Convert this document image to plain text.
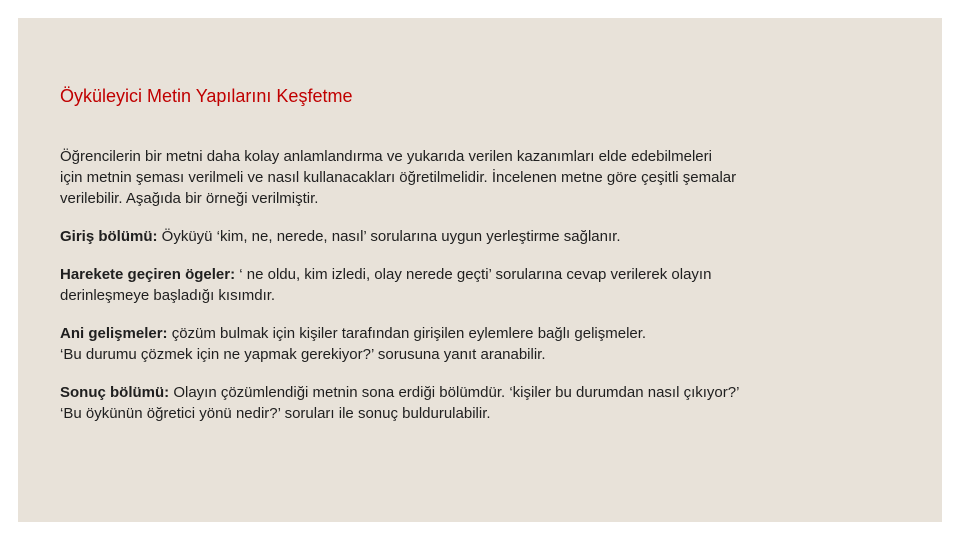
Öyküleyici Metin Yapılarını Keşfetme
Öğrencilerin bir metni daha kolay anlamlandırma ve yukarıda verilen kazanımları elde edebilmeleri
için metnin şeması verilmeli ve nasıl kullanacakları öğretilmelidir. İncelenen metne göre çeşitli şemalar
verilebilir. Aşağıda bir örneği verilmiştir.
Giriş bölümü: Öyküyü ‘kim, ne, nerede, nasıl’ sorularına uygun yerleştirme sağlanır.
Harekete geçiren ögeler: ‘ ne oldu, kim izledi, olay nerede geçti’ sorularına cevap verilerek olayın
derinleşmeye başladığı kısımdır.
Ani gelişmeler: çözüm bulmak için kişiler tarafından girişilen eylemlere bağlı gelişmeler.
‘Bu durumu çözmek için ne yapmak gerekiyor?’ sorusuna yanıt aranabilir.
Sonuç bölümü: Olayın çözümlendiği metnin sona erdiği bölümdür. ‘kişiler bu durumdan nasıl çıkıyor?’
‘Bu öykünün öğretici yönü nedir?’ soruları ile sonuç buldurulabilir.
